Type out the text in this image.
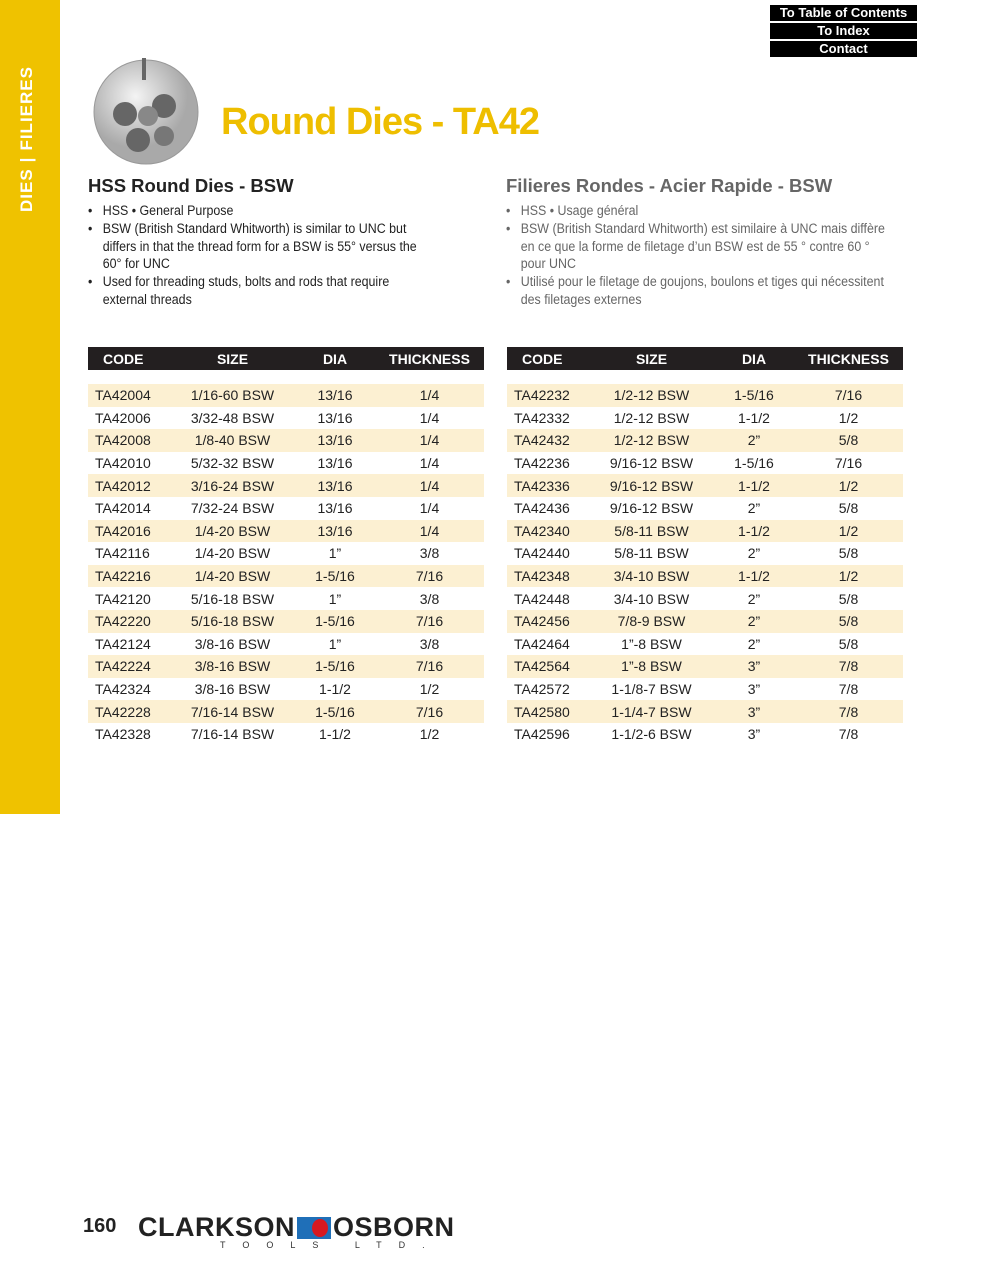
DIES|FILIERES
To Table of Contents
To Index
Contact
Round Dies - TA42
HSS Round Dies - BSW	Filieres Rondes - Acier Rapide - BSW
• HSS • General Purpose
• BSW (British Standard Whitworth) is similar to UNC but differs in that the thread form for a BSW is 55° versus the 60° for UNC
• Used for threading studs, bolts and rods that require external threads
• HSS • Usage général
• BSW (British Standard Whitworth) est similaire à UNC mais diffère en ce que la forme de filetage d’un BSW est de 55 ° contre 60 ° pour UNC
• Utilisé pour le filetage de goujons, boulons et tiges qui nécessitent des filetages externes
CODE	SIZE	DIA	THICKNESS
TA42004	1/16-60 BSW	13/16	1/4
TA42006	3/32-48 BSW	13/16	1/4
TA42008	1/8-40 BSW	13/16	1/4
TA42010	5/32-32 BSW	13/16	1/4
TA42012	3/16-24 BSW	13/16	1/4
TA42014	7/32-24 BSW	13/16	1/4
TA42016	1/4-20 BSW	13/16	1/4
TA42116	1/4-20 BSW	1”	3/8
TA42216	1/4-20 BSW	1-5/16	7/16
TA42120	5/16-18 BSW	1”	3/8
TA42220	5/16-18 BSW	1-5/16	7/16
TA42124	3/8-16 BSW	1”	3/8
TA42224	3/8-16 BSW	1-5/16	7/16
TA42324	3/8-16 BSW	1-1/2	1/2
TA42228	7/16-14 BSW	1-5/16	7/16
TA42328	7/16-14 BSW	1-1/2	1/2
CODE	SIZE	DIA	THICKNESS
TA42232	1/2-12 BSW	1-5/16	7/16
TA42332	1/2-12 BSW	1-1/2	1/2
TA42432	1/2-12 BSW	2”	5/8
TA42236	9/16-12 BSW	1-5/16	7/16
TA42336	9/16-12 BSW	1-1/2	1/2
TA42436	9/16-12 BSW	2”	5/8
TA42340	5/8-11 BSW	1-1/2	1/2
TA42440	5/8-11 BSW	2”	5/8
TA42348	3/4-10 BSW	1-1/2	1/2
TA42448	3/4-10 BSW	2”	5/8
TA42456	7/8-9 BSW	2”	5/8
TA42464	1”-8 BSW	2”	5/8
TA42564	1”-8 BSW	3”	7/8
TA42572	1-1/8-7 BSW	3”	7/8
TA42580	1-1/4-7 BSW	3”	7/8
TA42596	1-1/2-6 BSW	3”	7/8
160 CLARKSON OSBORN
TOOLS LTD.
